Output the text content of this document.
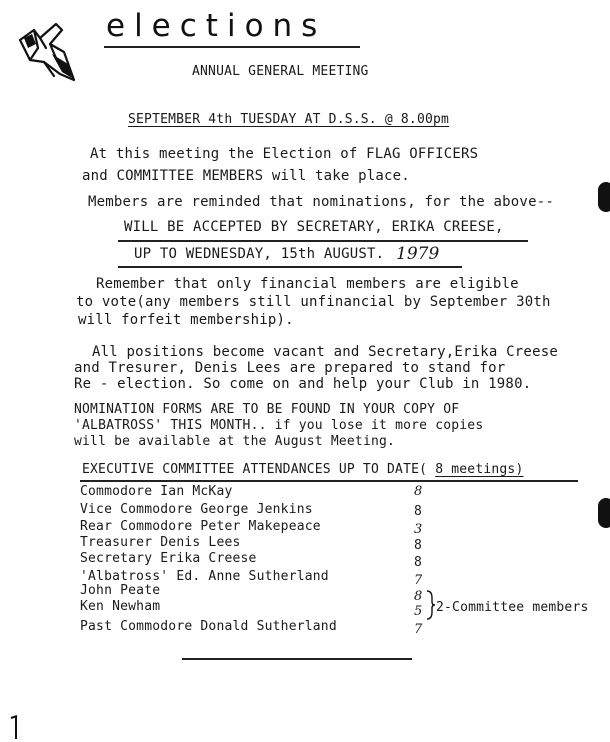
elections
ANNUAL GENERAL MEETING
SEPTEMBER 4th TUESDAY AT D.S.S. @ 8.00pm
At this meeting the Election of FLAG OFFICERS
and COMMITTEE MEMBERS will take place.
Members are reminded that nominations, for the above--
WILL BE ACCEPTED BY SECRETARY, ERIKA CREESE,
UP TO WEDNESDAY, 15th AUGUST. 1979
Remember that only financial members are eligible
to vote(any members still unfinancial by September 30th
will forfeit membership).
All positions become vacant and Secretary,Erika Creese
and Tresurer, Denis Lees are prepared to stand for
Re - election. So come on and help your Club in 1980.
NOMINATION FORMS ARE TO BE FOUND IN YOUR COPY OF
'ALBATROSS' THIS MONTH.. if you lose it more copies
will be available at the August Meeting.
EXECUTIVE COMMITTEE ATTENDANCES UP TO DATE( 8 meetings)
Commodore Ian McKay	8
Vice Commodore George Jenkins	8
Rear Commodore Peter Makepeace	3
Treasurer Denis Lees	8
Secretary Erika Creese	8
'Albatross' Ed. Anne Sutherland	7
John Peate	8
Ken Newham	5
Past Commodore Donald Sutherland	7
2-Committee members
